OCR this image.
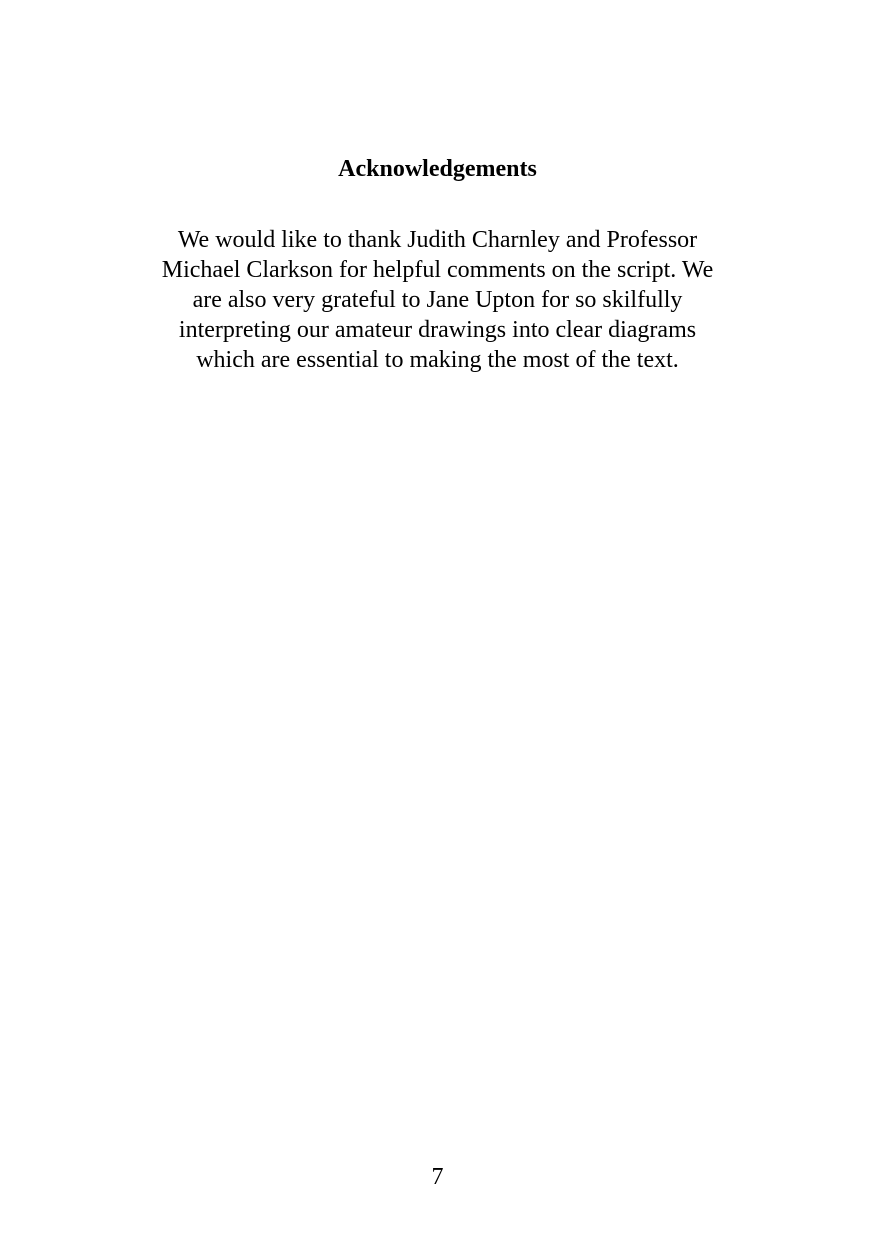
Acknowledgements

We would like to thank Judith Charnley and Professor
Michael Clarkson for helpful comments on the script. We
are also very grateful to Jane Upton for so skilfully
interpreting our amateur drawings into clear diagrams
which are essential to making the most of the text.

7
